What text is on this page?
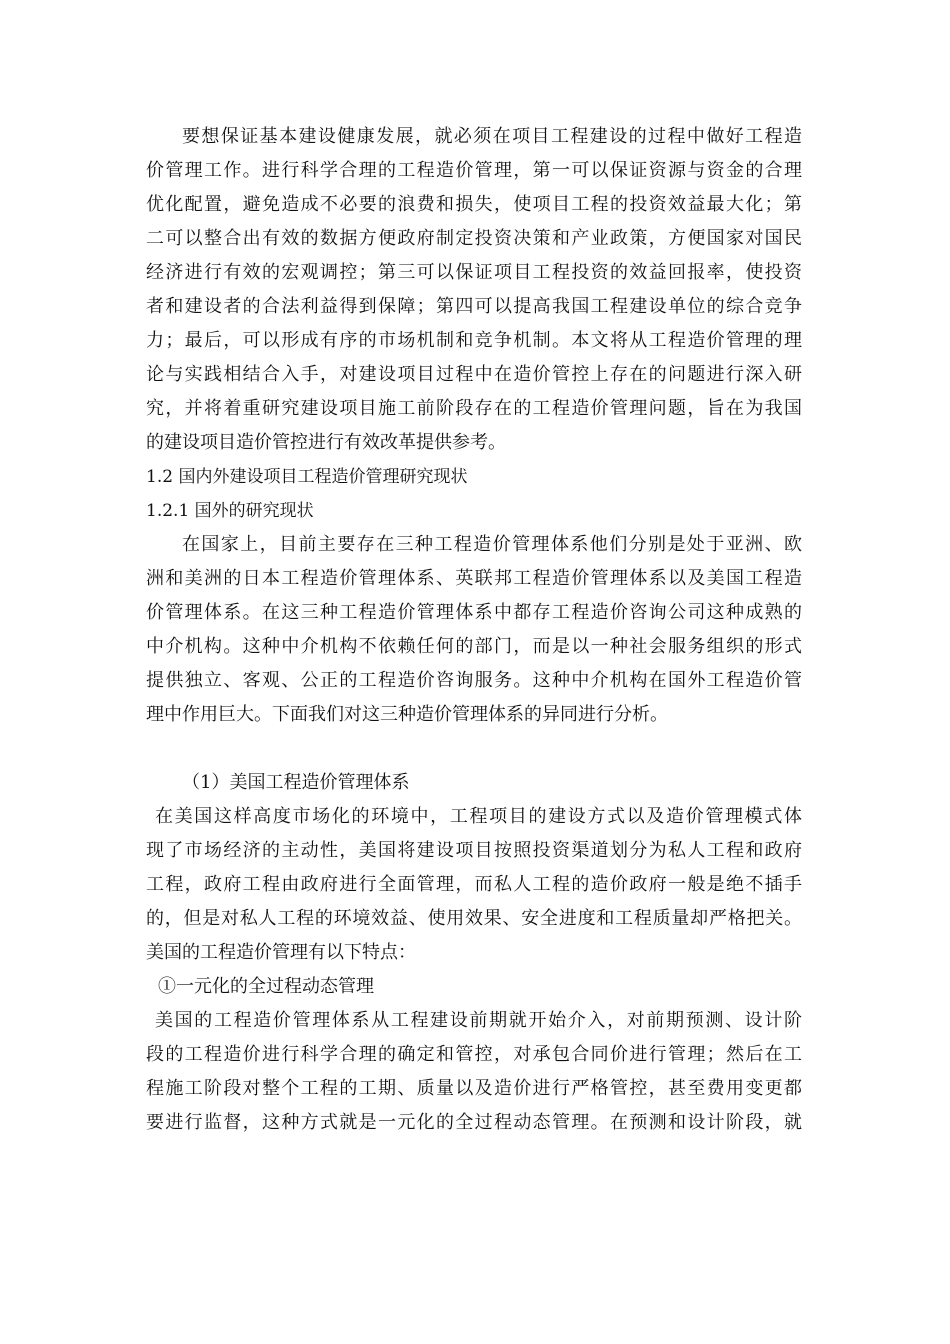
要想保证基本建设健康发展，就必须在项目工程建设的过程中做好工程造
价管理工作。进行科学合理的工程造价管理，第一可以保证资源与资金的合理
优化配置，避免造成不必要的浪费和损失，使项目工程的投资效益最大化；第
二可以整合出有效的数据方便政府制定投资决策和产业政策，方便国家对国民
经济进行有效的宏观调控；第三可以保证项目工程投资的效益回报率，使投资
者和建设者的合法利益得到保障；第四可以提高我国工程建设单位的综合竞争
力；最后，可以形成有序的市场机制和竞争机制。本文将从工程造价管理的理
论与实践相结合入手，对建设项目过程中在造价管控上存在的问题进行深入研
究，并将着重研究建设项目施工前阶段存在的工程造价管理问题，旨在为我国
的建设项目造价管控进行有效改革提供参考。
1.2 国内外建设项目工程造价管理研究现状
1.2.1 国外的研究现状
在国家上，目前主要存在三种工程造价管理体系他们分别是处于亚洲、欧
洲和美洲的日本工程造价管理体系、英联邦工程造价管理体系以及美国工程造
价管理体系。在这三种工程造价管理体系中都存工程造价咨询公司这种成熟的
中介机构。这种中介机构不依赖任何的部门，而是以一种社会服务组织的形式
提供独立、客观、公正的工程造价咨询服务。这种中介机构在国外工程造价管
理中作用巨大。下面我们对这三种造价管理体系的异同进行分析。
（1）美国工程造价管理体系
在美国这样高度市场化的环境中，工程项目的建设方式以及造价管理模式体
现了市场经济的主动性，美国将建设项目按照投资渠道划分为私人工程和政府
工程，政府工程由政府进行全面管理，而私人工程的造价政府一般是绝不插手
的，但是对私人工程的环境效益、使用效果、安全进度和工程质量却严格把关。
美国的工程造价管理有以下特点：
①一元化的全过程动态管理
美国的工程造价管理体系从工程建设前期就开始介入，对前期预测、设计阶
段的工程造价进行科学合理的确定和管控，对承包合同价进行管理；然后在工
程施工阶段对整个工程的工期、质量以及造价进行严格管控，甚至费用变更都
要进行监督，这种方式就是一元化的全过程动态管理。在预测和设计阶段，就
